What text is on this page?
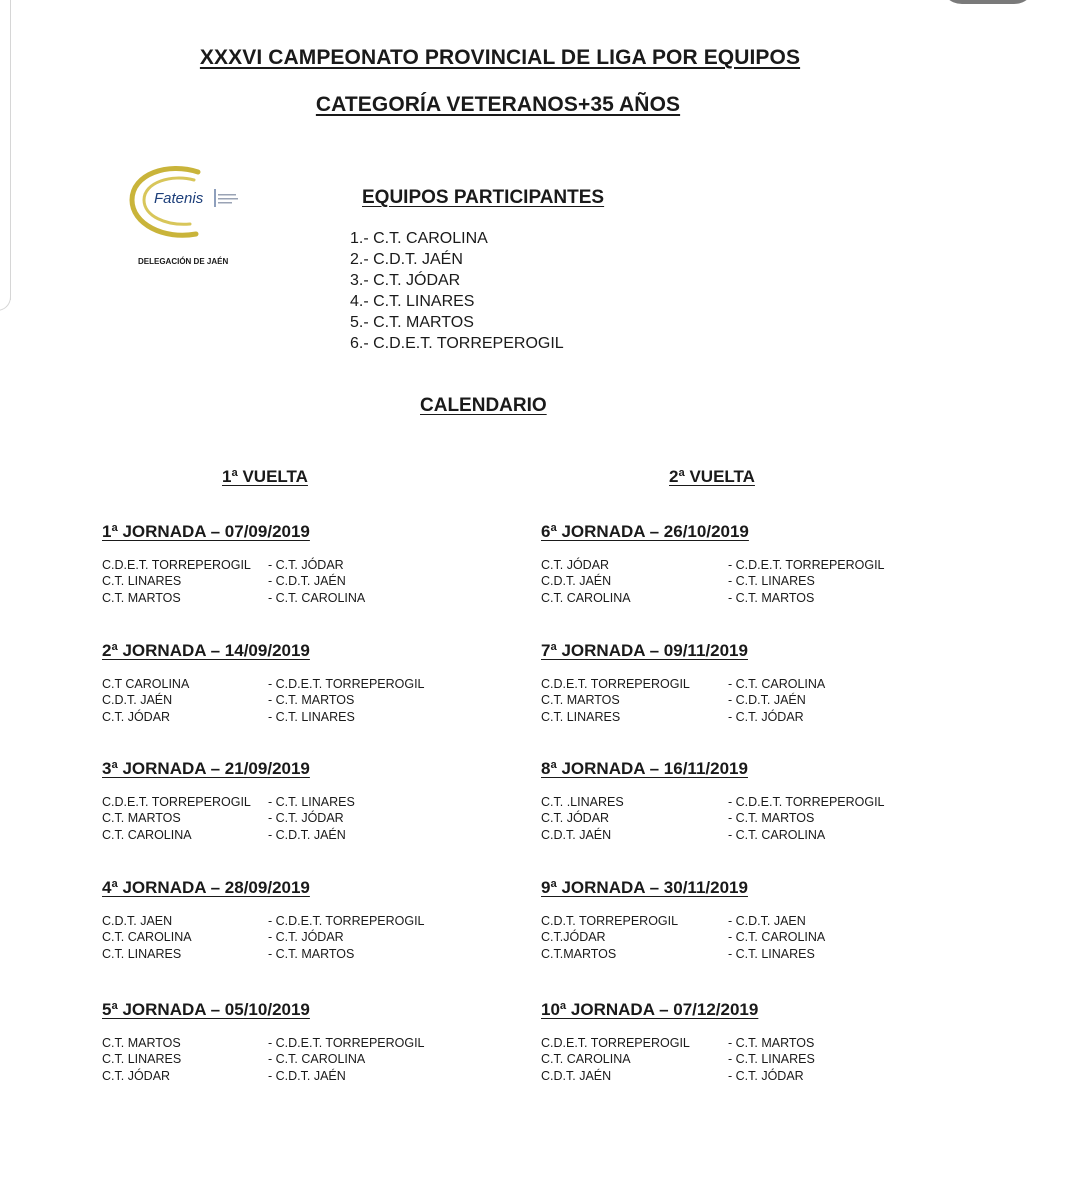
XXXVI CAMPEONATO PROVINCIAL DE LIGA POR EQUIPOS
CATEGORÍA VETERANOS+35 AÑOS
Fatenis
DELEGACIÓN DE JAÉN
EQUIPOS PARTICIPANTES
1.- C.T. CAROLINA
2.- C.D.T. JAÉN
3.- C.T. JÓDAR
4.- C.T. LINARES
5.- C.T. MARTOS
6.- C.D.E.T. TORREPEROGIL
CALENDARIO
1ª VUELTA	2ª VUELTA
1ª JORNADA – 07/09/2019
C.D.E.T. TORREPEROGIL - C.T. JÓDAR
C.T. LINARES	- C.D.T. JAÉN
C.T. MARTOS	- C.T. CAROLINA
2ª JORNADA – 14/09/2019
C.T CAROLINA	- C.D.E.T. TORREPEROGIL
C.D.T. JAÉN	- C.T. MARTOS
C.T. JÓDAR	- C.T. LINARES
3ª JORNADA – 21/09/2019
C.D.E.T. TORREPEROGIL - C.T. LINARES
C.T. MARTOS	- C.T. JÓDAR
C.T. CAROLINA	- C.D.T. JAÉN
4ª JORNADA – 28/09/2019
C.D.T. JAEN	- C.D.E.T. TORREPEROGIL
C.T. CAROLINA	- C.T. JÓDAR
C.T. LINARES	- C.T. MARTOS
5ª JORNADA – 05/10/2019
C.T. MARTOS	- C.D.E.T. TORREPEROGIL
C.T. LINARES	- C.T. CAROLINA
C.T. JÓDAR	- C.D.T. JAÉN
6ª JORNADA – 26/10/2019
C.T. JÓDAR	- C.D.E.T. TORREPEROGIL
C.D.T. JAÉN	- C.T. LINARES
C.T. CAROLINA	- C.T. MARTOS
7ª JORNADA – 09/11/2019
C.D.E.T. TORREPEROGIL	- C.T. CAROLINA
C.T. MARTOS	- C.D.T. JAÉN
C.T. LINARES	- C.T. JÓDAR
8ª JORNADA – 16/11/2019
C.T. .LINARES	- C.D.E.T. TORREPEROGIL
C.T. JÓDAR	- C.T. MARTOS
C.D.T. JAÉN	- C.T. CAROLINA
9ª JORNADA – 30/11/2019
C.D.T. TORREPEROGIL	- C.D.T. JAEN
C.T.JÓDAR	- C.T. CAROLINA
C.T.MARTOS	- C.T. LINARES
10ª JORNADA – 07/12/2019
C.D.E.T. TORREPEROGIL	- C.T. MARTOS
C.T. CAROLINA	- C.T. LINARES
C.D.T. JAÉN	- C.T. JÓDAR
